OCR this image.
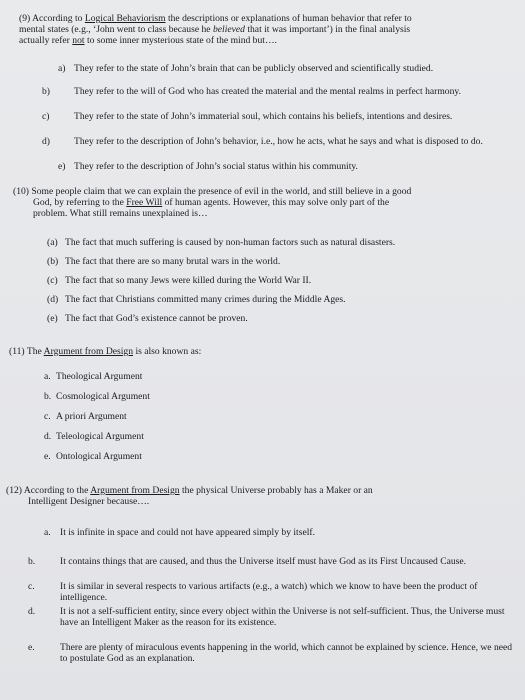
(9) According to Logical Behaviorism the descriptions or explanations of human behavior that refer to
mental states (e.g., ‘John went to class because he believed that it was important’) in the final analysis
actually refer not to some inner mysterious state of the mind but….
a) They refer to the state of John’s brain that can be publicly observed and scientifically studied.
b)	They refer to the will of God who has created the material and the mental realms in perfect harmony.
c)	They refer to the state of John’s immaterial soul, which contains his beliefs, intentions and desires.
d)	They refer to the description of John’s behavior, i.e., how he acts, what he says and what is disposed to do.
e) They refer to the description of John’s social status within his community.
(10) Some people claim that we can explain the presence of evil in the world, and still believe in a good
God, by referring to the Free Will of human agents. However, this may solve only part of the
problem. What still remains unexplained is…
(a) The fact that much suffering is caused by non-human factors such as natural disasters.
(b) The fact that there are so many brutal wars in the world.
(c) The fact that so many Jews were killed during the World War II.
(d) The fact that Christians committed many crimes during the Middle Ages.
(e) The fact that God’s existence cannot be proven.
(11) The Argument from Design is also known as:
a. Theological Argument
b. Cosmological Argument
c. A priori Argument
d. Teleological Argument
e. Ontological Argument
(12) According to the Argument from Design the physical Universe probably has a Maker or an
Intelligent Designer because….
a. It is infinite in space and could not have appeared simply by itself.
b.	It contains things that are caused, and thus the Universe itself must have God as its First Uncaused Cause.
c.	It is similar in several respects to various artifacts (e.g., a watch) which we know to have been the product of intelligence.
d.	It is not a self-sufficient entity, since every object within the Universe is not self-sufficient. Thus, the Universe must have an Intelligent Maker as the reason for its existence.
e.	There are plenty of miraculous events happening in the world, which cannot be explained by science. Hence, we need to postulate God as an explanation.
